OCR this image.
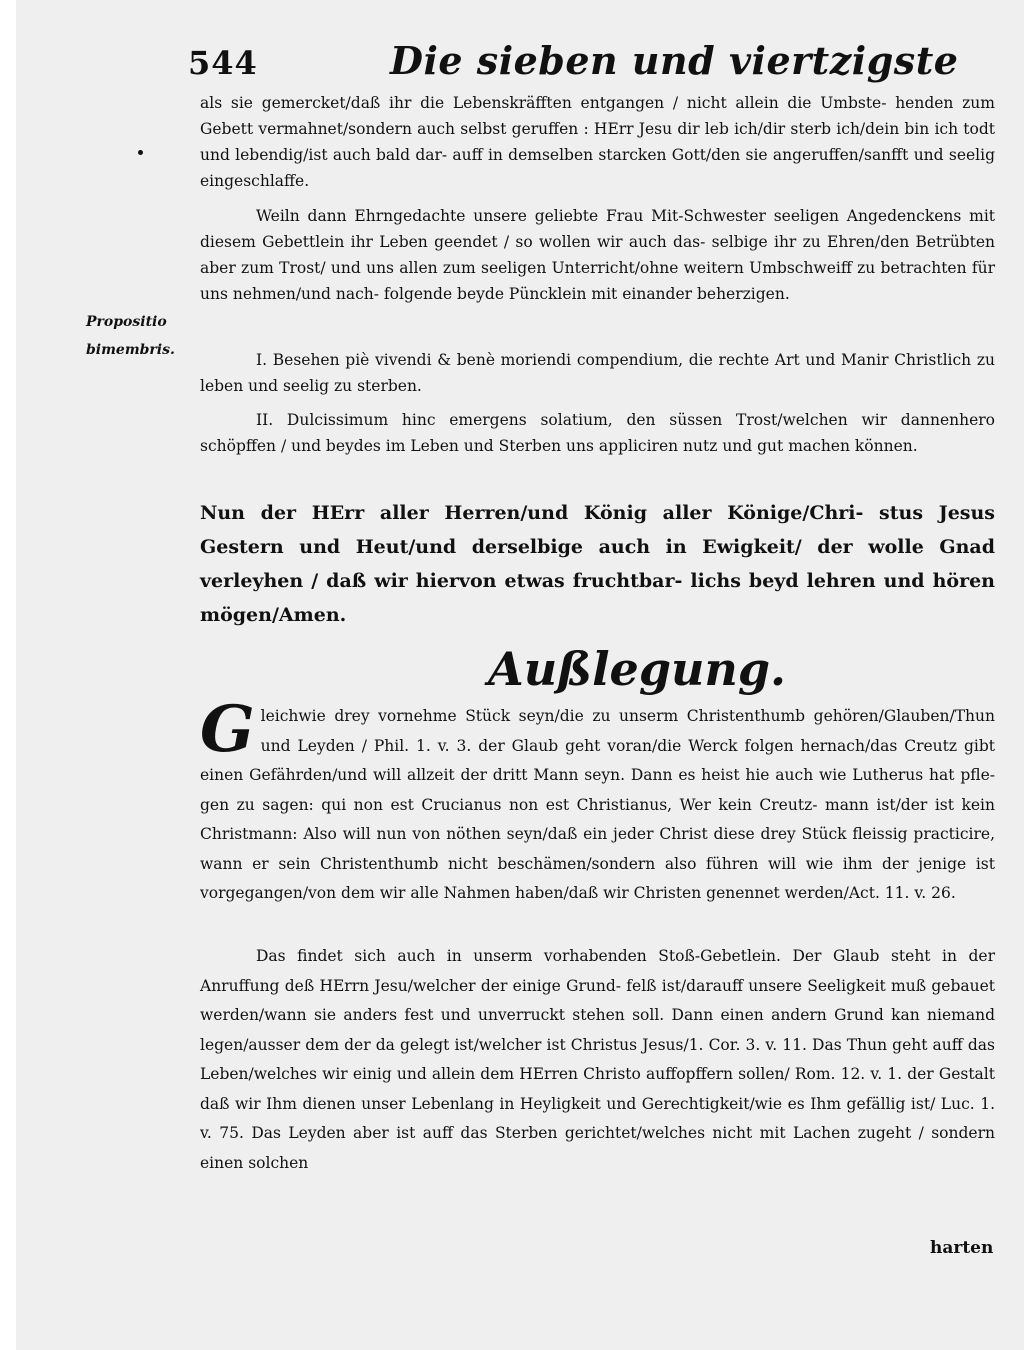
544	Die sieben und viertzigste
als sie gemercket/daß ihr die Lebenskräfften entgangen / nicht allein die Umbste- henden zum Gebett vermahnet/sondern auch selbst geruffen : HErr Jesu dir leb ich/dir sterb ich/dein bin ich todt und lebendig/ist auch bald dar- auff in demselben starcken Gott/den sie angeruffen/sanfft und seelig eingeschlaffe.
Weiln dann Ehrngedachte unsere geliebte Frau Mit-Schwester seeligen Angedenckens mit diesem Gebettlein ihr Leben geendet / so wollen wir auch das- selbige ihr zu Ehren/den Betrübten aber zum Trost/ und uns allen zum seeligen Unterricht/ohne weitern Umbschweiff zu betrachten für uns nehmen/und nach- folgende beyde Püncklein mit einander beherzigen.
Propositio
bimembris.
I. Besehen piè vivendi & benè moriendi compendium, die rechte Art und Manir Christlich zu leben und seelig zu sterben.
II. Dulcissimum hinc emergens solatium, den süssen Trost/welchen wir dannenhero schöpffen / und beydes im Leben und Sterben uns appliciren nutz und gut machen können.
Nun der HErr aller Herren/und König aller Könige/Chri- stus Jesus Gestern und Heut/und derselbige auch in Ewigkeit/ der wolle Gnad verleyhen / daß wir hiervon etwas fruchtbar- lichs beyd lehren und hören mögen/Amen.
Außlegung.
G leichwie drey vornehme Stück seyn/die zu unserm Christenthumb gehören/Glauben/Thun und Leyden / Phil. 1. v. 3. der Glaub geht voran/die Werck folgen hernach/das Creutz gibt einen Gefährden/und will allzeit der dritt Mann seyn. Dann es heist hie auch wie Lutherus hat pfle- gen zu sagen: qui non est Crucianus non est Christianus, Wer kein Creutz- mann ist/der ist kein Christmann: Also will nun von nöthen seyn/daß ein jeder Christ diese drey Stück fleissig practicire, wann er sein Christenthumb nicht beschämen/sondern also führen will wie ihm der jenige ist vorgegangen/von dem wir alle Nahmen haben/daß wir Christen genennet werden/Act. 11. v. 26.
Das findet sich auch in unserm vorhabenden Stoß-Gebetlein. Der Glaub steht in der Anruffung deß HErrn Jesu/welcher der einige Grund- felß ist/darauff unsere Seeligkeit muß gebauet werden/wann sie anders fest und unverruckt stehen soll. Dann einen andern Grund kan niemand legen/ausser dem der da gelegt ist/welcher ist Christus Jesus/1. Cor. 3. v. 11. Das Thun geht auff das Leben/welches wir einig und allein dem HErren Christo auffopffern sollen/ Rom. 12. v. 1. der Gestalt daß wir Ihm dienen unser Lebenlang in Heyligkeit und Gerechtigkeit/wie es Ihm gefällig ist/ Luc. 1. v. 75. Das Leyden aber ist auff das Sterben gerichtet/welches nicht mit Lachen zugeht / sondern einen solchen
harten
